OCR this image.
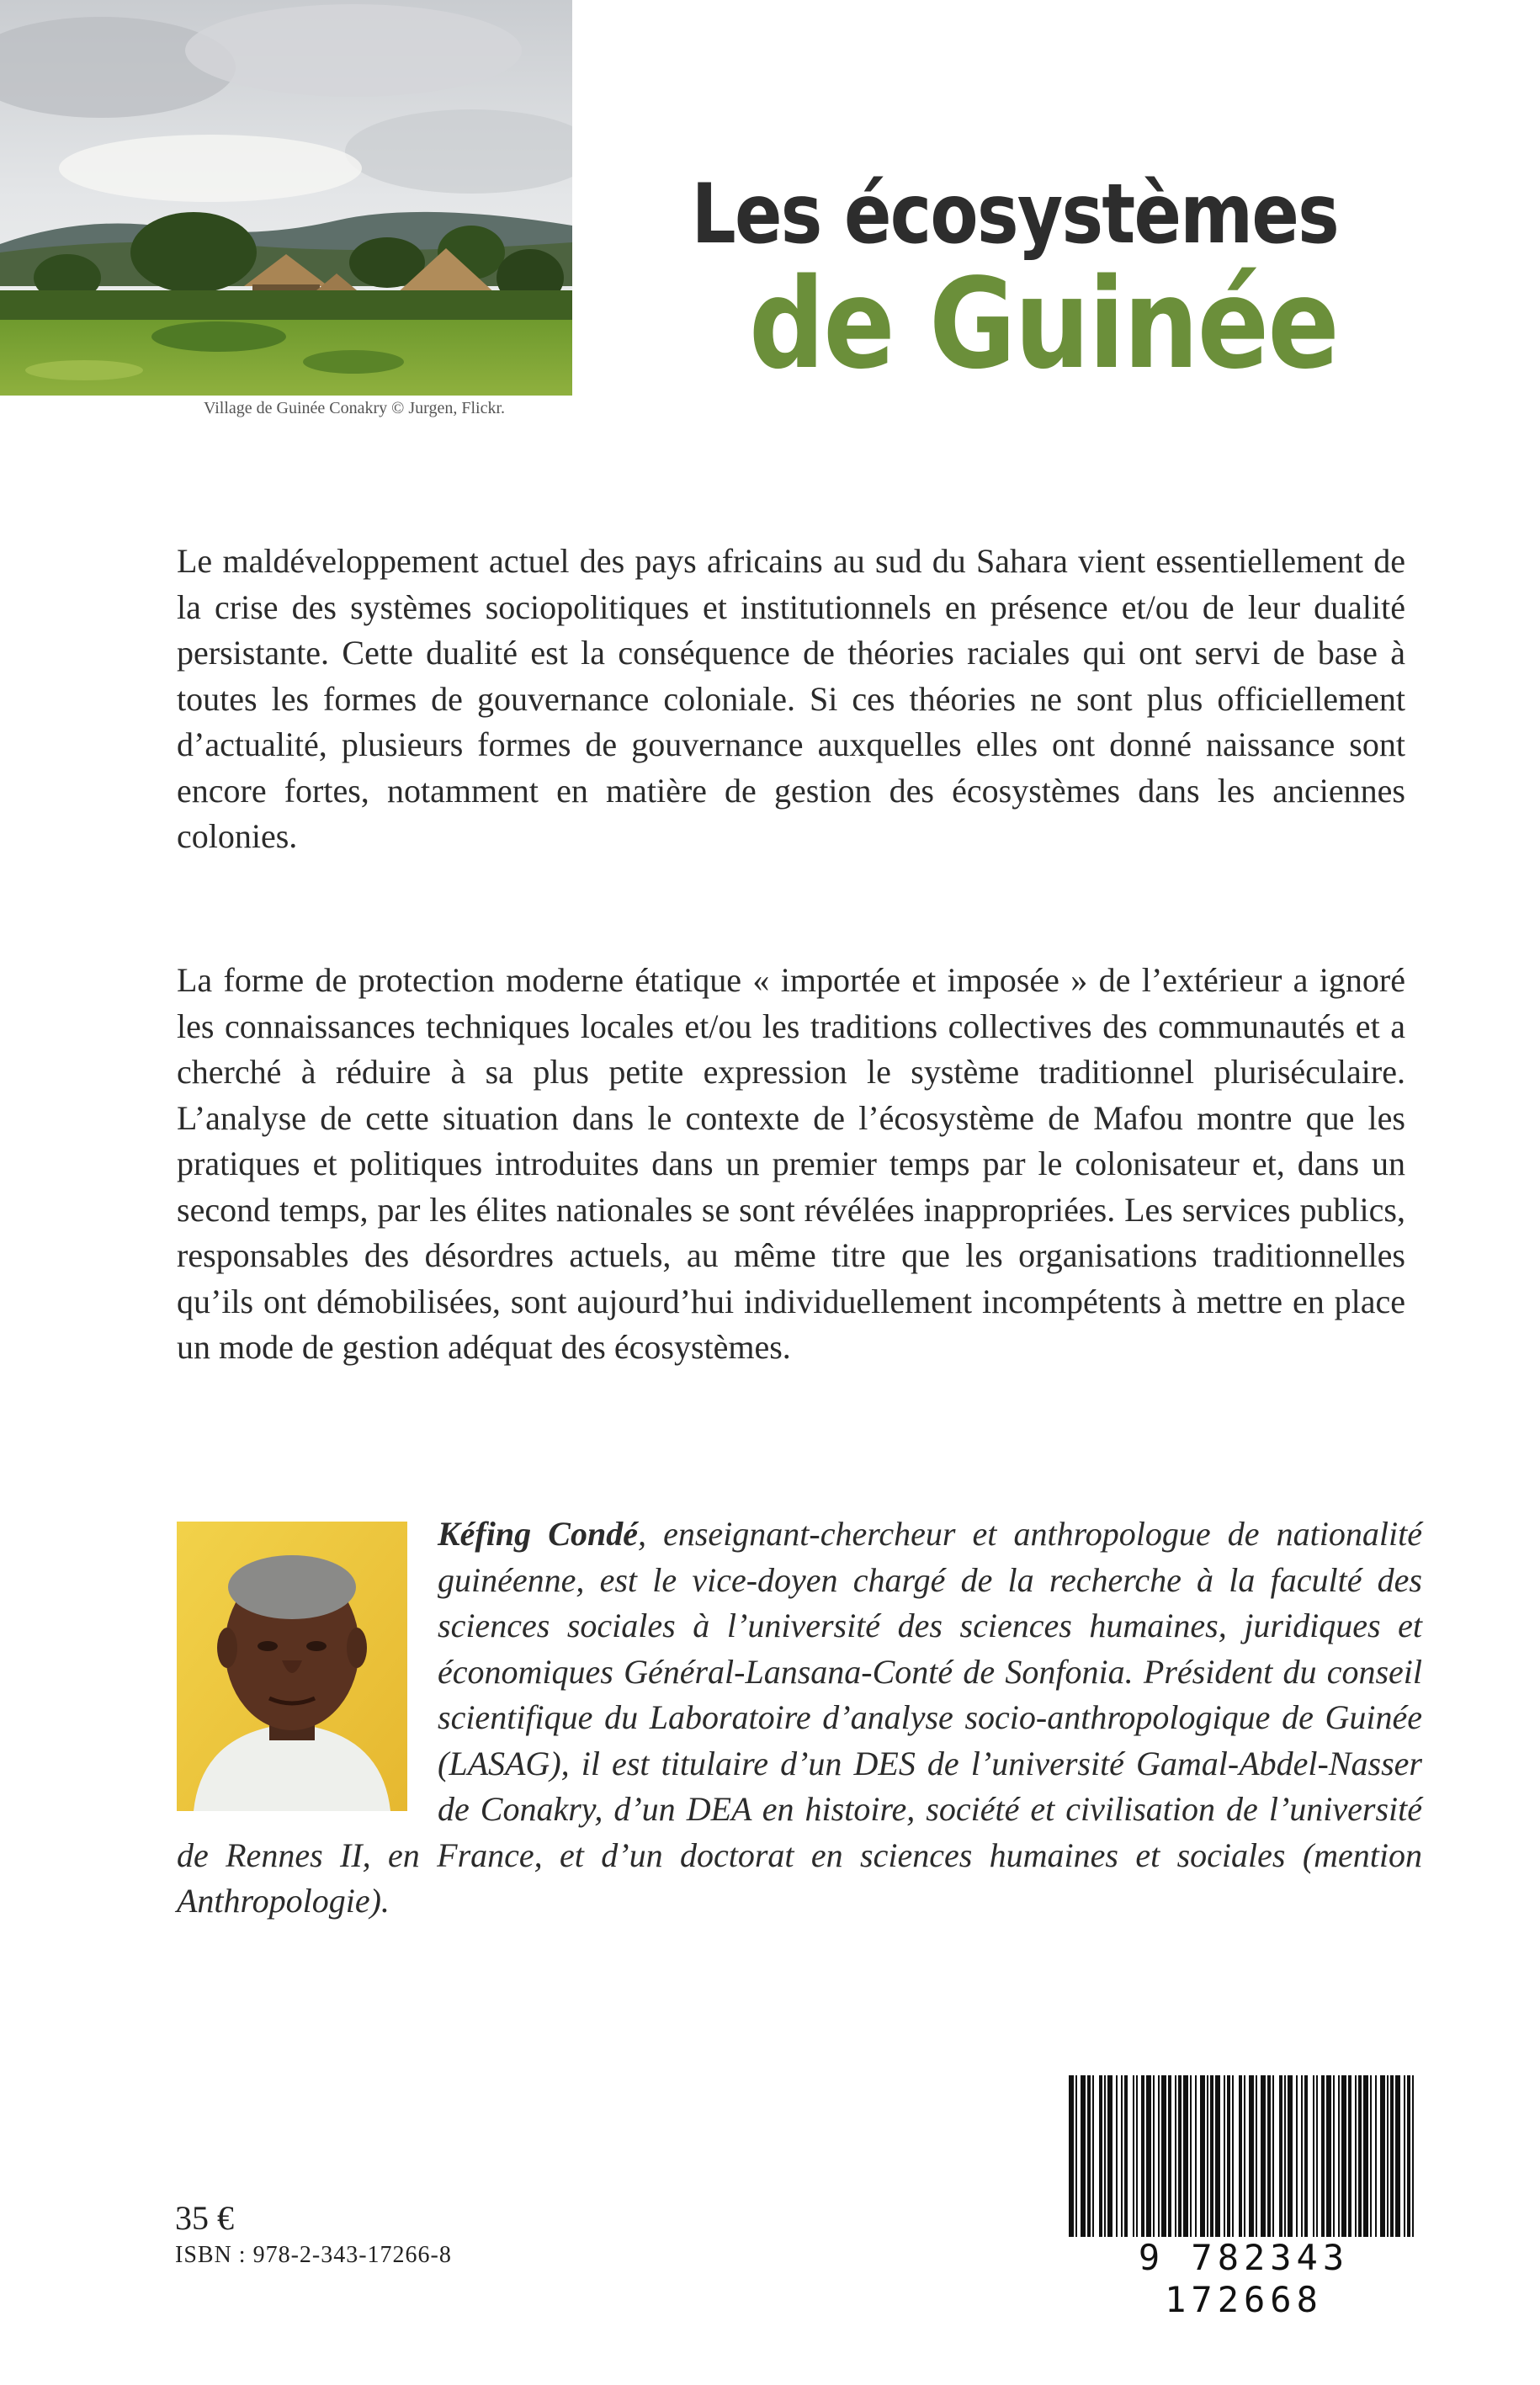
Village de Guinée Conakry © Jurgen, Flickr.
Les écosystèmes
de Guinée

Le maldéveloppement actuel des pays africains au sud du Sahara vient essentiellement de la crise des systèmes sociopolitiques et institutionnels en présence et/ou de leur dualité persistante. Cette dualité est la conséquence de théories raciales qui ont servi de base à toutes les formes de gouvernance coloniale. Si ces théories ne sont plus officiellement d’actualité, plusieurs formes de gouvernance auxquelles elles ont donné naissance sont encore fortes, notamment en matière de gestion des écosystèmes dans les anciennes colonies.

La forme de protection moderne étatique « importée et imposée » de l’extérieur a ignoré les connaissances techniques locales et/ou les traditions collectives des communautés et a cherché à réduire à sa plus petite expression le système traditionnel pluriséculaire. L’analyse de cette situation dans le contexte de l’écosystème de Mafou montre que les pratiques et politiques introduites dans un premier temps par le colonisateur et, dans un second temps, par les élites nationales se sont révélées inappropriées. Les services publics, responsables des désordres actuels, au même titre que les organisations traditionnelles qu’ils ont démobilisées, sont aujourd’hui individuellement incompétents à mettre en place un mode de gestion adéquat des écosystèmes.

Kéfing Condé, enseignant-chercheur et anthropologue de nationalité guinéenne, est le vice-doyen chargé de la recherche à la faculté des sciences sociales à l’université des sciences humaines, juridiques et économiques Général-Lansana-Conté de Sonfonia. Président du conseil scientifique du Laboratoire d’analyse socio-anthropologique de Guinée (LASAG), il est titulaire d’un DES de l’université Gamal-Abdel-Nasser de Conakry, d’un DEA en histoire, société et civilisation de l’université de Rennes II, en France, et d’un doctorat en sciences humaines et sociales (mention Anthropologie).

35 €
ISBN : 978-2-343-17266-8	9 782343 172668
